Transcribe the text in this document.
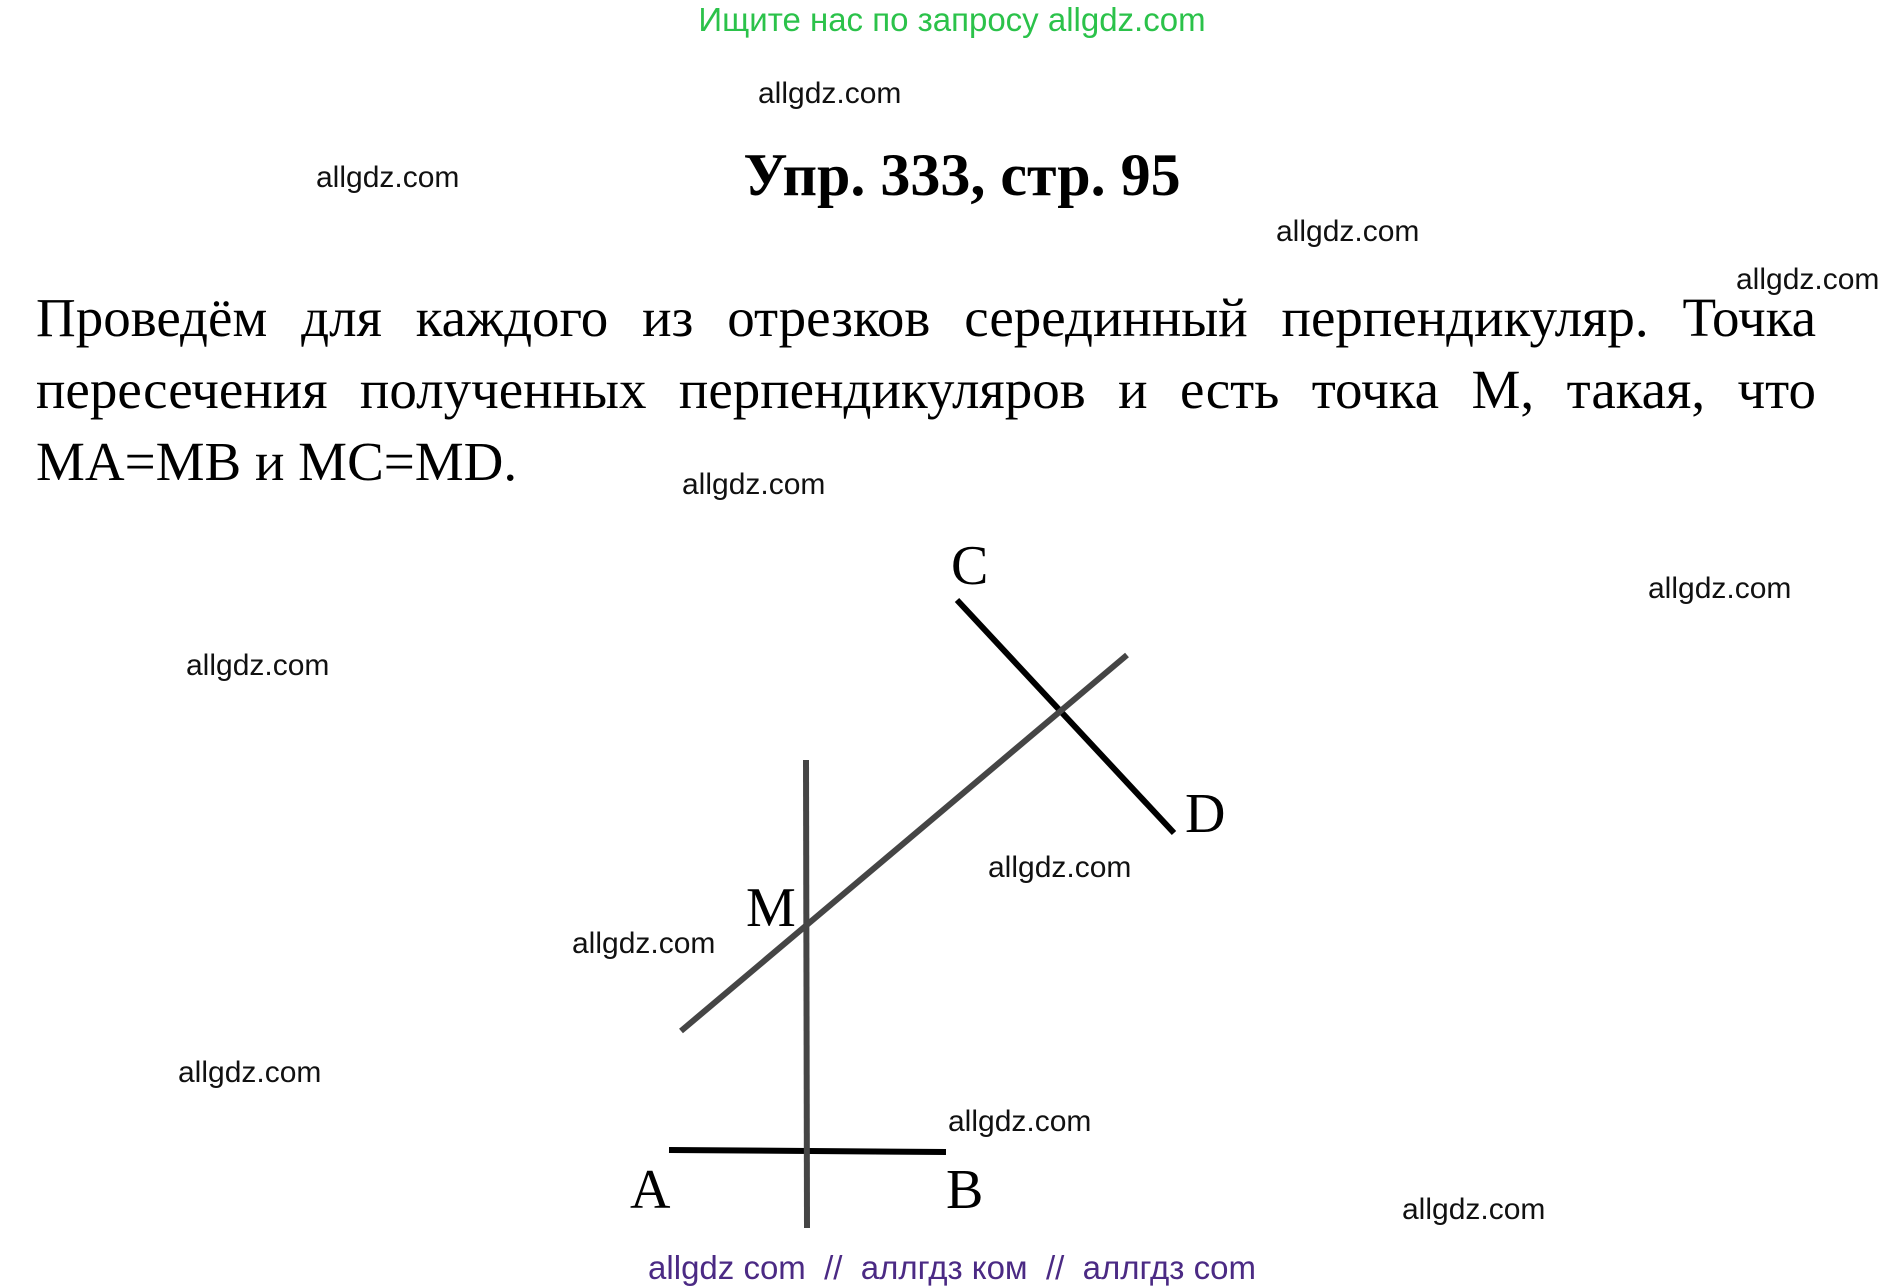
Ищите нас по запросу allgdz.com
allgdz.com
allgdz.com
allgdz.com
allgdz.com
allgdz.com
allgdz.com
allgdz.com
allgdz.com
allgdz.com
allgdz.com
allgdz.com
allgdz.com
Упр. 333, стр. 95
Проведём для каждого из отрезков серединный перпендикуляр. Точка
пересечения полученных перпендикуляров и есть точка M, такая, что
MA=MB и MC=MD.
A	B
C
D
M
allgdz com  //  аллгдз ком  //  аллгдз com
